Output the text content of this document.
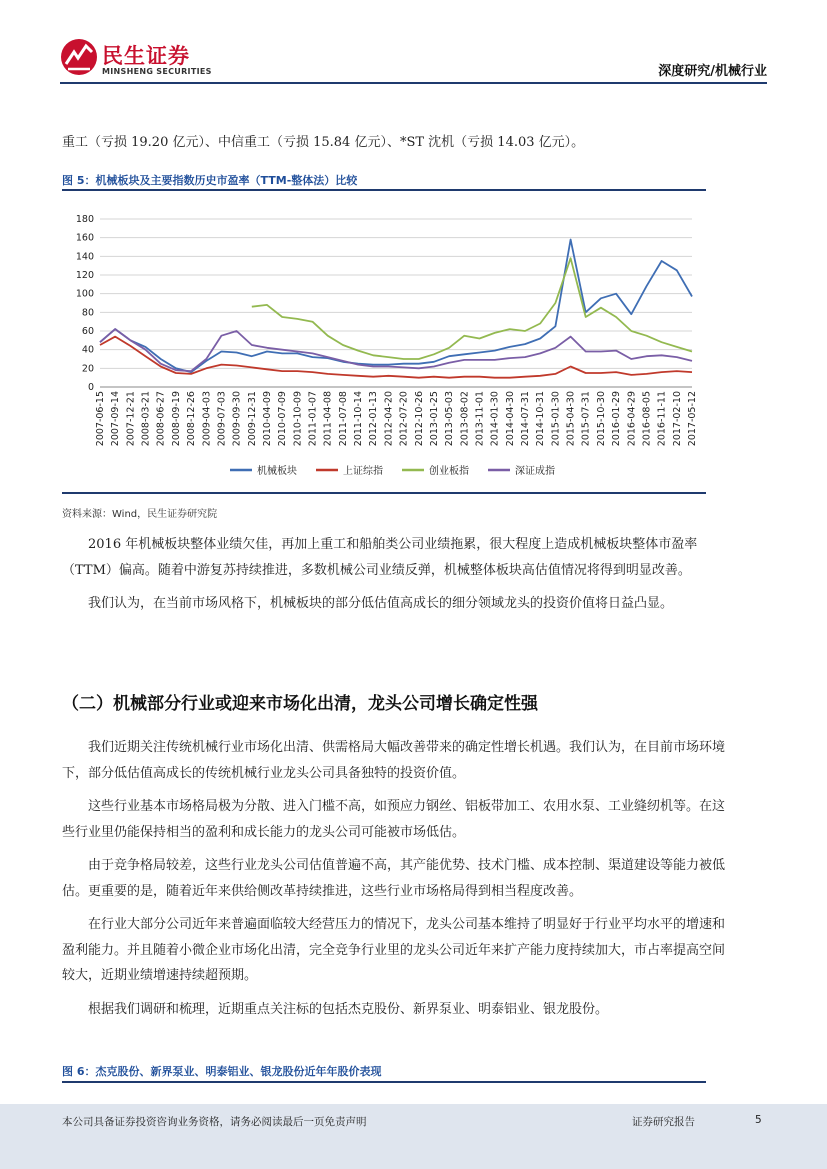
民生证券
MINSHENG SECURITIES	深度研究/机械行业

重工（亏损 19.20 亿元）、中信重工（亏损 15.84 亿元）、*ST 沈机（亏损 14.03 亿元）。

图 5：机械板块及主要指数历史市盈率（TTM-整体法）比较
0
20
40
60
80
100
120
140
160
180
2007-06-15 2007-09-14 2007-12-21 2008-03-21 2008-06-27 2008-09-19 2008-12-26 2009-04-03 2009-07-03 2009-09-30 2009-12-31 2010-04-09 2010-07-09 2010-10-09 2011-01-07 2011-04-08 2011-07-08 2011-10-14 2012-01-13 2012-04-20 2012-07-20 2012-10-26 2013-01-25 2013-05-03 2013-08-02 2013-11-01 2014-01-30 2014-04-30 2014-07-31 2014-10-31 2015-01-30 2015-04-30 2015-07-31 2015-10-30 2016-01-29 2016-04-29 2016-08-05 2016-11-11 2017-02-10 2017-05-12
机械板块	上证综指	创业板指	深证成指
资料来源：Wind，民生证券研究院

2016 年机械板块整体业绩欠佳，再加上重工和船舶类公司业绩拖累，很大程度上造成机械板块整体市盈率（TTM）偏高。随着中游复苏持续推进，多数机械公司业绩反弹，机械整体板块高估值情况将得到明显改善。

我们认为，在当前市场风格下，机械板块的部分低估值高成长的细分领域龙头的投资价值将日益凸显。

（二）机械部分行业或迎来市场化出清，龙头公司增长确定性强

我们近期关注传统机械行业市场化出清、供需格局大幅改善带来的确定性增长机遇。我们认为，在目前市场环境下，部分低估值高成长的传统机械行业龙头公司具备独特的投资价值。

这些行业基本市场格局极为分散、进入门槛不高，如预应力钢丝、铝板带加工、农用水泵、工业缝纫机等。在这些行业里仍能保持相当的盈利和成长能力的龙头公司可能被市场低估。

由于竞争格局较差，这些行业龙头公司估值普遍不高，其产能优势、技术门槛、成本控制、渠道建设等能力被低估。更重要的是，随着近年来供给侧改革持续推进，这些行业市场格局得到相当程度改善。

在行业大部分公司近年来普遍面临较大经营压力的情况下，龙头公司基本维持了明显好于行业平均水平的增速和盈利能力。并且随着小微企业市场化出清，完全竞争行业里的龙头公司近年来扩产能力度持续加大，市占率提高空间较大，近期业绩增速持续超预期。

根据我们调研和梳理，近期重点关注标的包括杰克股份、新界泵业、明泰铝业、银龙股份。

图 6：杰克股份、新界泵业、明泰铝业、银龙股份近年年股价表现
本公司具备证券投资咨询业务资格，请务必阅读最后一页免责声明	证券研究报告	5
